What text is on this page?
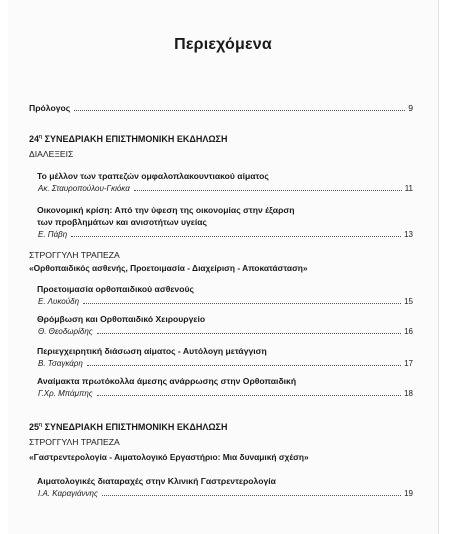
Περιεχόμενα
Πρόλογος	9
$24^\eta$ ΣΥΝΕΔΡΙΑΚΗ ΕΠΙΣΤΗΜΟΝΙΚΗ ΕΚΔΗΛΩΣΗ
ΔΙΑΛΕΞΕΙΣ
Το μέλλον των τραπεζών ομφαλοπλακουντιακού αίματος
Ακ. Σταυροπούλου-Γκιόκα	11
Οικονομική κρίση: Από την ύφεση της οικονομίας στην έξαρση
των προβλημάτων και ανισοτήτων υγείας
Ε. Πάβη	13
ΣΤΡΟΓΓΥΛΗ ΤΡΑΠΕΖΑ
«Ορθοπαιδικός ασθενής, Προετοιμασία - Διαχείριση - Αποκατάσταση»
Προετοιμασία ορθοπαιδικού ασθενούς
Ε. Λυκούδη	15
Θρόμβωση και Ορθοπαιδικό Χειρουργείο
Θ. Θεοδωρίδης	16
Περιεγχειρητική διάσωση αίματος - Αυτόλογη μετάγγιση
Β. Τσαγκάρη	17
Αναίμακτα πρωτόκολλα άμεσης ανάρρωσης στην Ορθοπαιδική
Γ.Χρ. Μπάμπης	18
$25^\eta$ ΣΥΝΕΔΡΙΑΚΗ ΕΠΙΣΤΗΜΟΝΙΚΗ ΕΚΔΗΛΩΣΗ
ΣΤΡΟΓΓΥΛΗ ΤΡΑΠΕΖΑ
«Γαστρεντερολογία - Αιματολογικό Εργαστήριο: Μια δυναμική σχέση»
Αιματολογικές διαταραχές στην Κλινική Γαστρεντερολογία
Ι.Α. Καραγιάννης	19
